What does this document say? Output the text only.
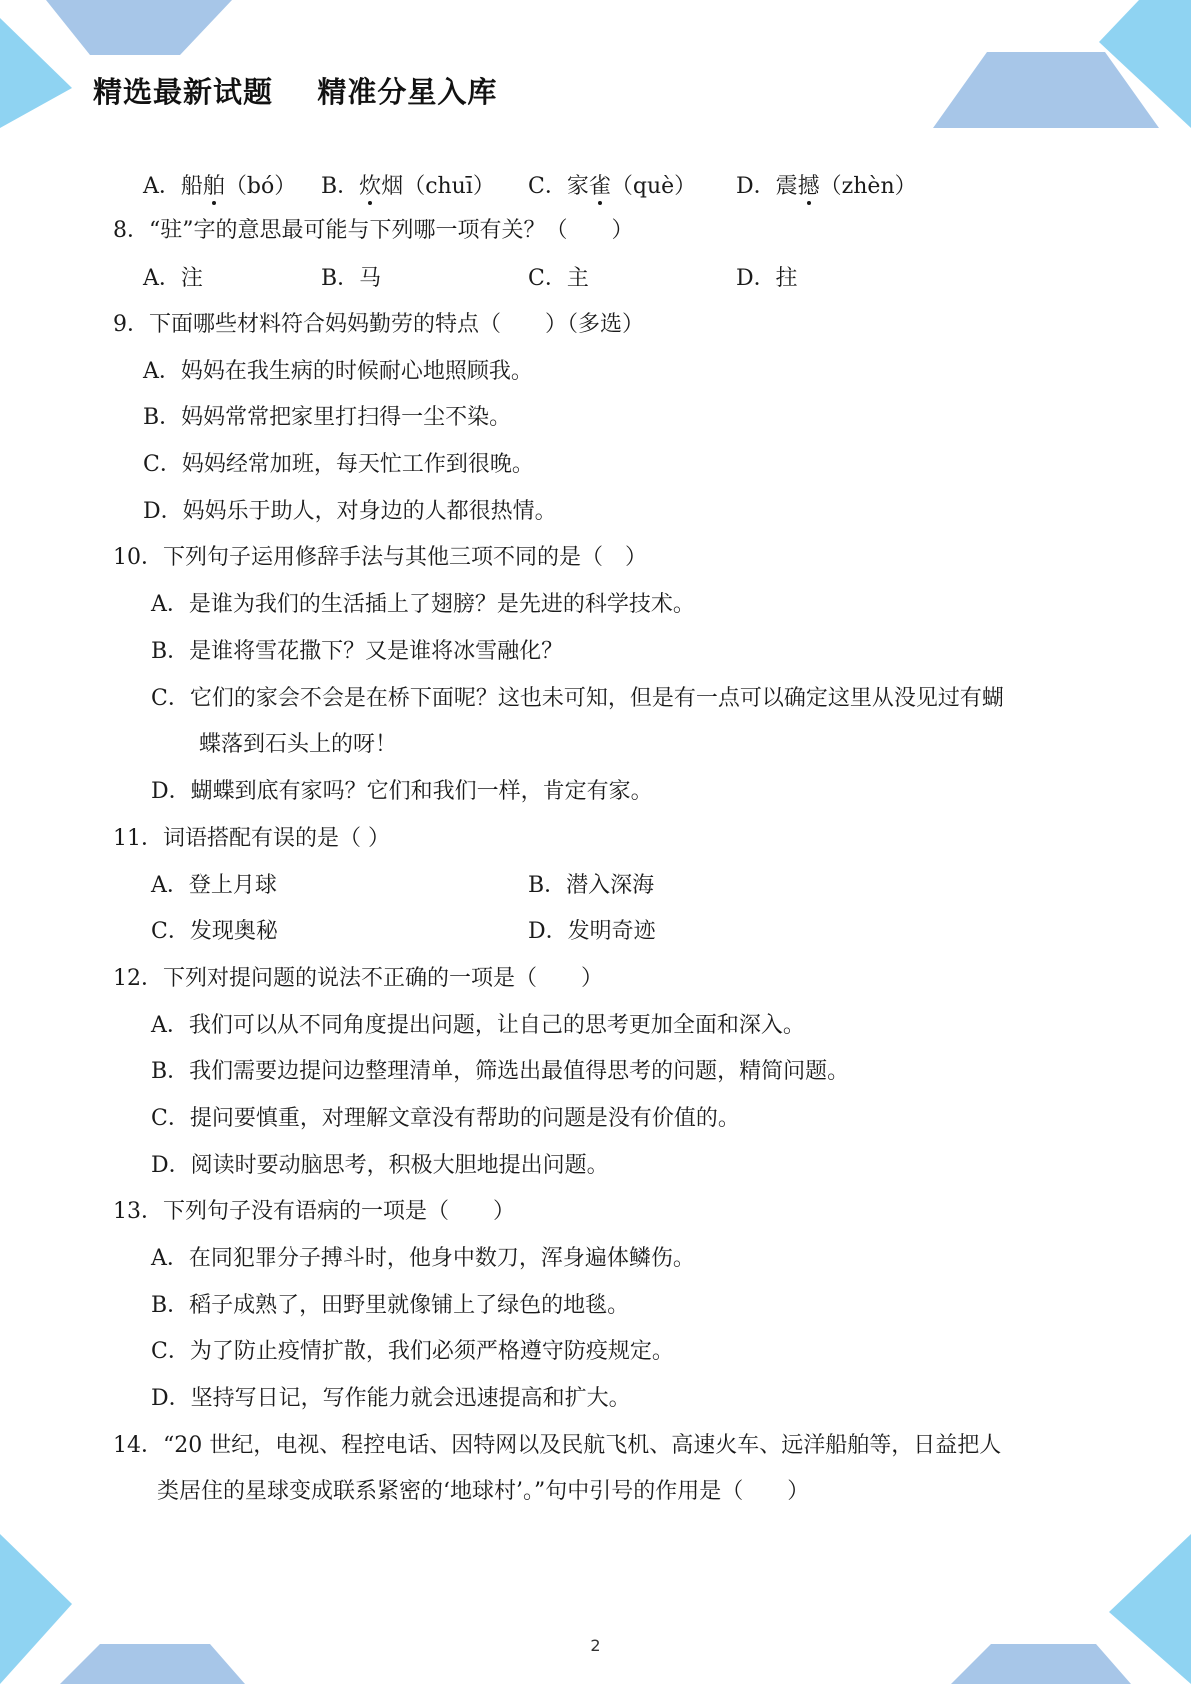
精选最新试题    精准分星入库
A．船舶（bó） B．炊烟（chuī） C．家雀（què） D．震撼（zhèn）
8．“驻”字的意思最可能与下列哪一项有关？（　　）
A．注	B．马	C．主	D．拄
9．下面哪些材料符合妈妈勤劳的特点（　　）（多选）
A．妈妈在我生病的时候耐心地照顾我。
B．妈妈常常把家里打扫得一尘不染。
C．妈妈经常加班，每天忙工作到很晚。
D．妈妈乐于助人，对身边的人都很热情。
10．下列句子运用修辞手法与其他三项不同的是（　）
A．是谁为我们的生活插上了翅膀？是先进的科学技术。
B．是谁将雪花撒下？又是谁将冰雪融化？
C．它们的家会不会是在桥下面呢？这也未可知，但是有一点可以确定这里从没见过有蝴
蝶落到石头上的呀！
D．蝴蝶到底有家吗？它们和我们一样，肯定有家。
11．词语搭配有误的是（ ）
A．登上月球	B．潜入深海
C．发现奥秘	D．发明奇迹
12．下列对提问题的说法不正确的一项是（　　）
A．我们可以从不同角度提出问题，让自己的思考更加全面和深入。
B．我们需要边提问边整理清单，筛选出最值得思考的问题，精简问题。
C．提问要慎重，对理解文章没有帮助的问题是没有价值的。
D．阅读时要动脑思考，积极大胆地提出问题。
13．下列句子没有语病的一项是（　　）
A．在同犯罪分子搏斗时，他身中数刀，浑身遍体鳞伤。
B．稻子成熟了，田野里就像铺上了绿色的地毯。
C．为了防止疫情扩散，我们必须严格遵守防疫规定。
D．坚持写日记，写作能力就会迅速提高和扩大。
14．“20 世纪，电视、程控电话、因特网以及民航飞机、高速火车、远洋船舶等，日益把人
类居住的星球变成联系紧密的‘地球村’。”句中引号的作用是（　　）
2
